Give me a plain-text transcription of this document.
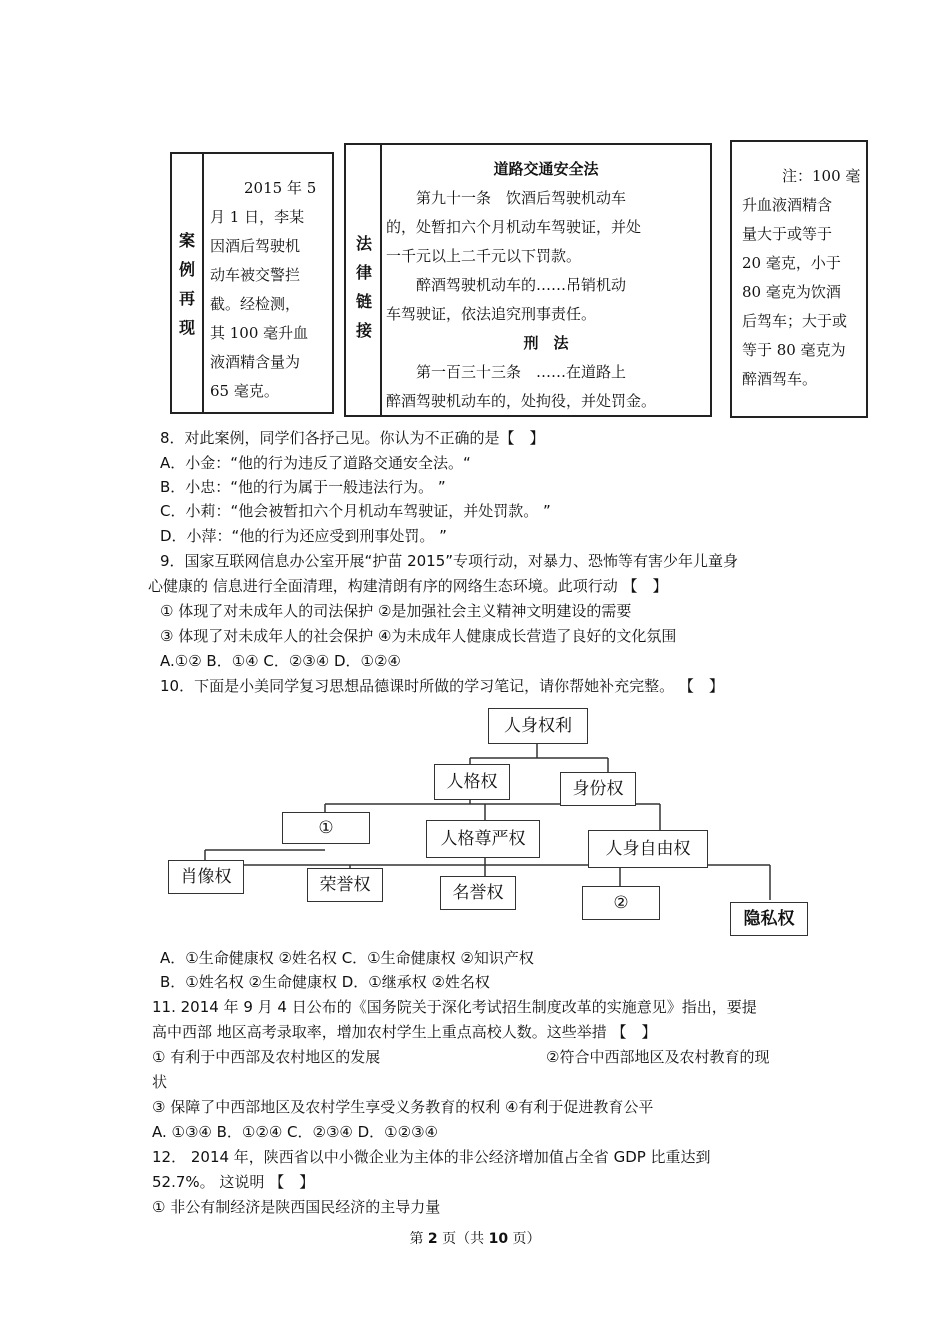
案
例
再
现
2015 年 5
月 1 日，李某
因酒后驾驶机
动车被交警拦
截。经检测，
其 100 毫升血
液酒精含量为
65 毫克。
法
律
链
接
道路交通安全法
第九十一条　饮酒后驾驶机动车
的，处暂扣六个月机动车驾驶证，并处
一千元以上二千元以下罚款。
醉酒驾驶机动车的……吊销机动
车驾驶证，依法追究刑事责任。
刑　法
第一百三十三条　……在道路上
醉酒驾驶机动车的，处拘役，并处罚金。
注：100 毫
升血液酒精含
量大于或等于
20 毫克，小于
80 毫克为饮酒
后驾车；大于或
等于 80 毫克为
醉酒驾车。
8．对此案例，同学们各抒己见。你认为不正确的是【　】
A．小金：“他的行为违反了道路交通安全法。“
B．小忠：“他的行为属于一般违法行为。 ”
C．小莉：“他会被暂扣六个月机动车驾驶证，并处罚款。 ”
D．小萍：“他的行为还应受到刑事处罚。 ”
9．国家互联网信息办公室开展“护苗 2015”专项行动，对暴力、恐怖等有害少年儿童身
心健康的 信息进行全面清理，构建清朗有序的网络生态环境。此项行动 【　】
① 体现了对未成年人的司法保护 ②是加强社会主义精神文明建设的需要
③ 体现了对未成年人的社会保护 ④为未成年人健康成长营造了良好的文化氛围
A.①② B．①④ C．②③④ D．①②④
10．下面是小美同学复习思想品德课时所做的学习笔记，请你帮她补充完整。 【　】
人身权利
人格权	身份权
①
人格尊严权	人身自由权
肖像权	荣誉权	名誉权	②
隐私权
A．①生命健康权 ②姓名权 C．①生命健康权 ②知识产权
B．①姓名权 ②生命健康权 D．①继承权 ②姓名权
11. 2014 年 9 月 4 日公布的《国务院关于深化考试招生制度改革的实施意见》指出，要提
高中西部 地区高考录取率，增加农村学生上重点高校人数。这些举措 【　】
① 有利于中西部及农村地区的发展	②符合中西部地区及农村教育的现
状
③ 保障了中西部地区及农村学生享受义务教育的权利 ④有利于促进教育公平
A. ①③④ B．①②④ C．②③④ D．①②③④
12． 2014 年，陕西省以中小微企业为主体的非公经济增加值占全省 GDP 比重达到
52.7%。 这说明 【　】
① 非公有制经济是陕西国民经济的主导力量
第 2 页（共 10 页）
